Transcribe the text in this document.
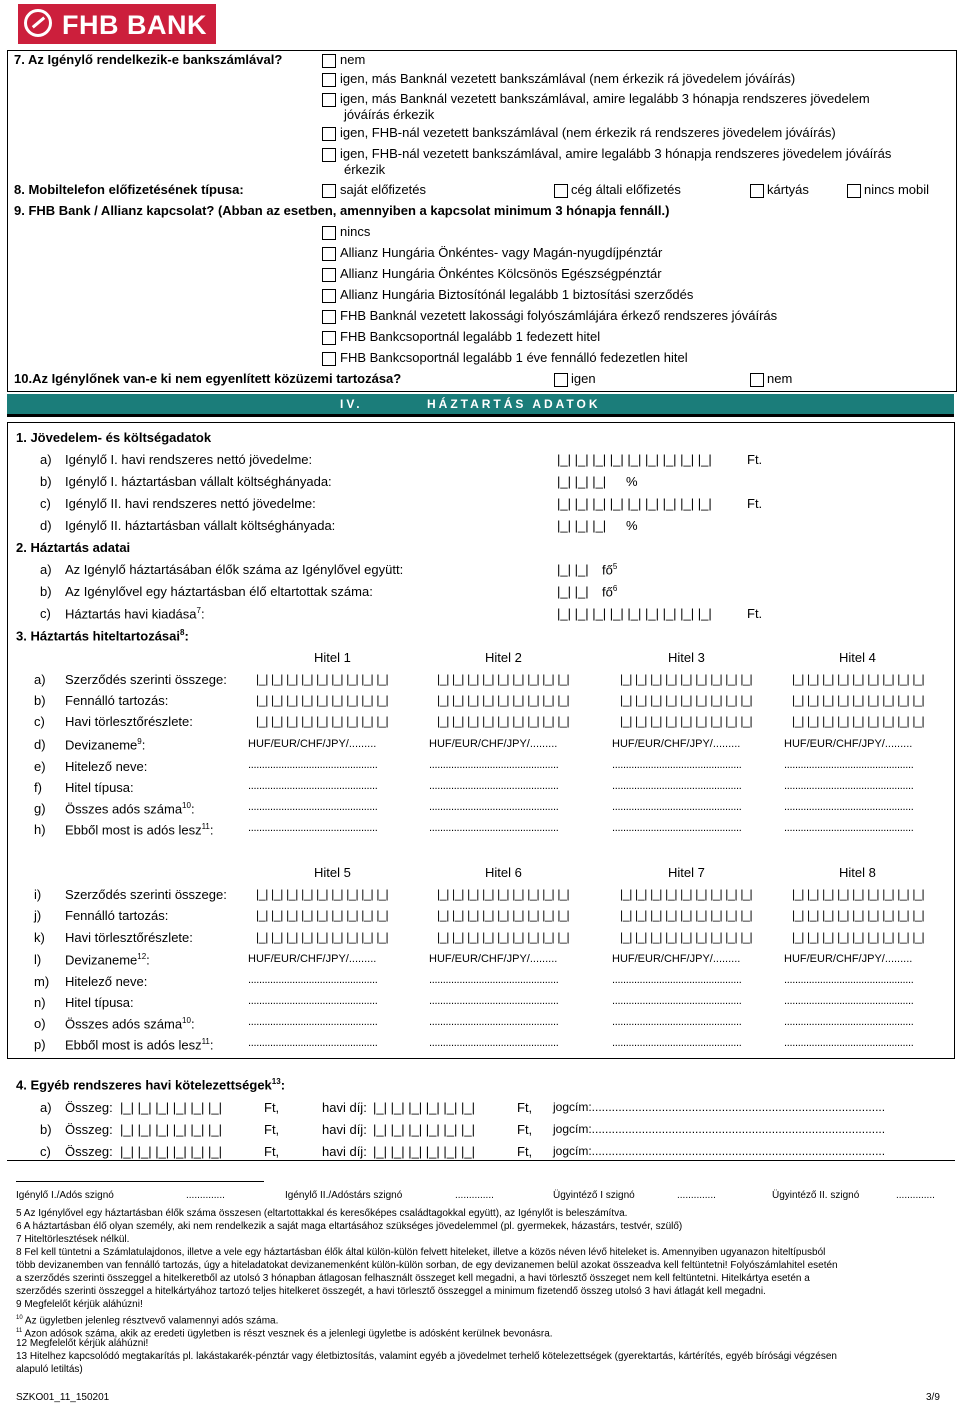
FHB BANK
7. Az Igénylő rendelkezik-e bankszámlával?	nem
igen, más Banknál vezetett bankszámlával (nem érkezik rá jövedelem jóváírás)
igen, más Banknál vezetett bankszámlával, amire legalább 3 hónapja rendszeres jövedelem
jóváírás érkezik
igen, FHB-nál vezetett bankszámlával (nem érkezik rá rendszeres jövedelem jóváírás)
igen, FHB-nál vezetett bankszámlával, amire legalább 3 hónapja rendszeres jövedelem jóváírás
érkezik
8. Mobiltelefon előfizetésének típusa:	saját előfizetés	cég általi előfizetés	kártyás	nincs mobil
9. FHB Bank / Allianz kapcsolat? (Abban az esetben, amennyiben a kapcsolat minimum 3 hónapja fennáll.)
nincs
Allianz Hungária Önkéntes- vagy Magán-nyugdíjpénztár
Allianz Hungária Önkéntes Kölcsönös Egészségpénztár
Allianz Hungária Biztosítónál legalább 1 biztosítási szerződés
FHB Banknál vezetett lakossági folyószámlájára érkező rendszeres jóváírás
FHB Bankcsoportnál legalább 1 fedezett hitel
FHB Bankcsoportnál legalább 1 éve fennálló fedezetlen hitel
10.Az Igénylőnek van-e ki nem egyenlített közüzemi tartozása?	igen	nem
IV.	HÁZTARTÁS ADATOK
1. Jövedelem- és költségadatok
a) Igénylő I. havi rendszeres nettó jövedelme:	|_| |_| |_| |_| |_| |_| |_| |_| |_|	Ft.
b) Igénylő I. háztartásban vállalt költséghányada:	|_| |_| |_| %
c) Igénylő II. havi rendszeres nettó jövedelme:	|_| |_| |_| |_| |_| |_| |_| |_| |_|	Ft.
d) Igénylő II. háztartásban vállalt költséghányada:	|_| |_| |_| %
2. Háztartás adatai
a) Az Igénylő háztartásában élők száma az Igénylővel együtt:	|_| |_| $fő^5$
b) Az Igénylővel egy háztartásban élő eltartottak száma:	|_| |_| $fő^6$
c) Háztartás havi kiadása$^7$:	|_| |_| |_| |_| |_| |_| |_| |_| |_|	Ft.
3. Háztartás hiteltartozásai$^8$:
Hitel 1	Hitel 2	Hitel 3	Hitel 4
a) Szerződés szerinti összege: |_| |_| |_| |_| |_| |_| |_| |_| |_|	|_| |_| |_| |_| |_| |_| |_| |_| |_|	|_| |_| |_| |_| |_| |_| |_| |_| |_|	|_| |_| |_| |_| |_| |_| |_| |_| |_|
b) Fennálló tartozás:	|_| |_| |_| |_| |_| |_| |_| |_| |_|	|_| |_| |_| |_| |_| |_| |_| |_| |_|	|_| |_| |_| |_| |_| |_| |_| |_| |_|	|_| |_| |_| |_| |_| |_| |_| |_| |_|
c) Havi törlesztőrészlete:	|_| |_| |_| |_| |_| |_| |_| |_| |_|	|_| |_| |_| |_| |_| |_| |_| |_| |_|	|_| |_| |_| |_| |_| |_| |_| |_| |_|	|_| |_| |_| |_| |_| |_| |_| |_| |_|
d) Devizaneme$^9$:	HUF/EUR/CHF/JPY/.........	HUF/EUR/CHF/JPY/.........	HUF/EUR/CHF/JPY/.........	HUF/EUR/CHF/JPY/.........
e) Hitelező neve:	...............................................	...............................................	...............................................	...............................................
f) Hitel típusa:	...............................................	...............................................	...............................................	...............................................
g) Összes adós száma$^{10}$:	...............................................	...............................................	...............................................	...............................................
h) Ebből most is adós lesz$^{11}$:	...............................................	...............................................	...............................................	...............................................
Hitel 5	Hitel 6	Hitel 7	Hitel 8
i) Szerződés szerinti összege: |_| |_| |_| |_| |_| |_| |_| |_| |_|	|_| |_| |_| |_| |_| |_| |_| |_| |_|	|_| |_| |_| |_| |_| |_| |_| |_| |_|	|_| |_| |_| |_| |_| |_| |_| |_| |_|
j) Fennálló tartozás:	|_| |_| |_| |_| |_| |_| |_| |_| |_|	|_| |_| |_| |_| |_| |_| |_| |_| |_|	|_| |_| |_| |_| |_| |_| |_| |_| |_|	|_| |_| |_| |_| |_| |_| |_| |_| |_|
k) Havi törlesztőrészlete:	|_| |_| |_| |_| |_| |_| |_| |_| |_|	|_| |_| |_| |_| |_| |_| |_| |_| |_|	|_| |_| |_| |_| |_| |_| |_| |_| |_|	|_| |_| |_| |_| |_| |_| |_| |_| |_|
l) Devizaneme$^{12}$:	HUF/EUR/CHF/JPY/.........	HUF/EUR/CHF/JPY/.........	HUF/EUR/CHF/JPY/.........	HUF/EUR/CHF/JPY/.........
m) Hitelező neve:	...............................................	...............................................	...............................................	...............................................
n) Hitel típusa:	...............................................	...............................................	...............................................	...............................................
o) Összes adós száma$^{10}$:	...............................................	...............................................	...............................................	...............................................
p) Ebből most is adós lesz$^{11}$:	...............................................	...............................................	...............................................	...............................................
4. Egyéb rendszeres havi kötelezettségek$^{13}$:
a) Összeg: |_| |_| |_| |_| |_| |_|	Ft,	havi díj: |_| |_| |_| |_| |_| |_|	Ft, jogcím:........................................................................................
b) Összeg: |_| |_| |_| |_| |_| |_|	Ft,	havi díj: |_| |_| |_| |_| |_| |_|	Ft, jogcím:........................................................................................
c) Összeg: |_| |_| |_| |_| |_| |_|	Ft,	havi díj: |_| |_| |_| |_| |_| |_|	Ft, jogcím:........................................................................................
Igénylő I./Adós szignó	..............	Igénylő II./Adóstárs szignó	..............	Ügyintéző I szignó	..............	Ügyintéző II. szignó	..............
5 Az Igénylővel egy háztartásban élők száma összesen (eltartottakkal és keresőképes családtagokkal együtt), az Igénylőt is beleszámítva.
6 A háztartásban élő olyan személy, aki nem rendelkezik a saját maga eltartásához szükséges jövedelemmel (pl. gyermekek, házastárs, testvér, szülő)
7 Hiteltörlesztések nélkül.
8 Fel kell tüntetni a Számlatulajdonos, illetve a vele egy háztartásban élők által külön-külön felvett hiteleket, illetve a közös néven lévő hiteleket is. Amennyiben ugyanazon hiteltípusból
több devizanemben van fennálló tartozás, úgy a hiteladatokat devizanemenként külön-külön sorban, de egy devizanemen belül azokat összeadva kell feltüntetni! Folyószámlahitel esetén
a szerződés szerinti összeggel a hitelkeretből az utolsó 3 hónapban átlagosan felhasznált összeget kell megadni, a havi törlesztő összeget nem kell feltüntetni. Hitelkártya esetén a
szerződés szerinti összeggel a hitelkártyához tartozó teljes hitelkeret összegét, a havi törlesztő összeggel a minimum fizetendő összeg utolsó 3 havi átlagát kell megadni.
9 Megfelelőt kérjük aláhúzni!
$^{10}$ Az ügyletben jelenleg résztvevő valamennyi adós száma.
$^{11}$ Azon adósok száma, akik az eredeti ügyletben is részt vesznek és a jelenlegi ügyletbe is adósként kerülnek bevonásra.
12 Megfelelőt kérjük aláhúzni!
13 Hitelhez kapcsolódó megtakarítás pl. lakástakarék-pénztár vagy életbiztosítás, valamint egyéb a jövedelmet terhelő kötelezettségek (gyerektartás, kártérítés, egyéb bírósági végzésen
alapuló letiltás)
SZKO01_11_150201	3/9
